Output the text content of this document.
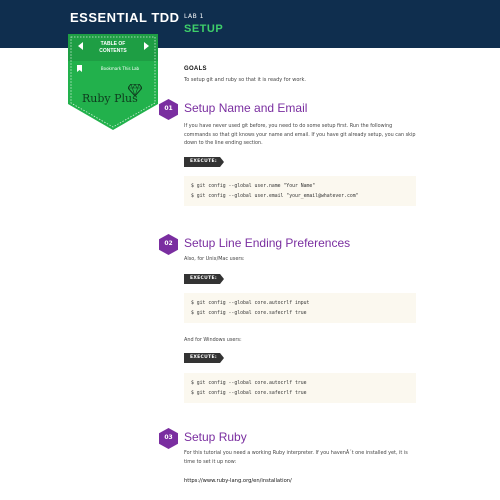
ESSENTIAL TDD LAB 1
SETUP
TABLE OF
CONTENTS
Bookmark This Lab
Ruby Plus
GOALS
To setup git and ruby so that it is ready for work.
01 Setup Name and Email
If you have never used git before, you need to do some setup first. Run the following commands so that git knows your name and email. If you have git already setup, you can skip down to the line ending section.
EXECUTE:
$ git config --global user.name "Your Name"
$ git config --global user.email "your_email@whatever.com"
02 Setup Line Ending Preferences
Also, for Unix/Mac users:
EXECUTE:
$ git config --global core.autocrlf input
$ git config --global core.safecrlf true
And for Windows users:
EXECUTE:
$ git config --global core.autocrlf true
$ git config --global core.safecrlf true
03 Setup Ruby
For this tutorial you need a working Ruby interpreter. If you havenÂ´t one installed yet, it is time to set it up now:
https://www.ruby-lang.org/en/installation/
